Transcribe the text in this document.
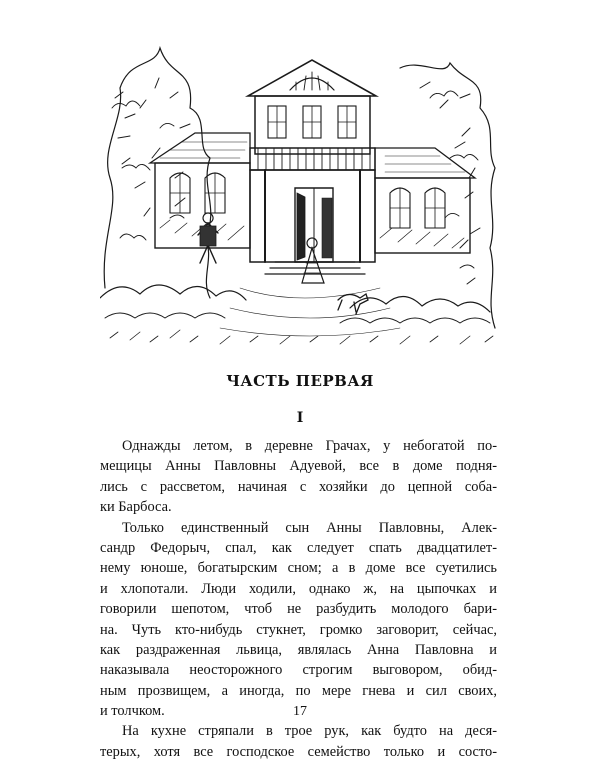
ЧАСТЬ ПЕРВАЯ
I
Однажды летом, в деревне Грачах, у небогатой по-
мещицы Анны Павловны Адуевой, все в доме подня-
лись с рассветом, начиная с хозяйки до цепной соба-
ки Барбоса.
Только единственный сын Анны Павловны, Алек-
сандр Федорыч, спал, как следует спать двадцатилет-
нему юноше, богатырским сном; а в доме все суетились
и хлопотали. Люди ходили, однако ж, на цыпочках и
говорили шепотом, чтоб не разбудить молодого бари-
на. Чуть кто-нибудь стукнет, громко заговорит, сейчас,
как раздраженная львица, являлась Анна Павловна и
наказывала неосторожного строгим выговором, обид-
ным прозвищем, а иногда, по мере гнева и сил своих,
и толчком.
На кухне стряпали в трое рук, как будто на деся-
терых, хотя все господское семейство только и состо-
17
